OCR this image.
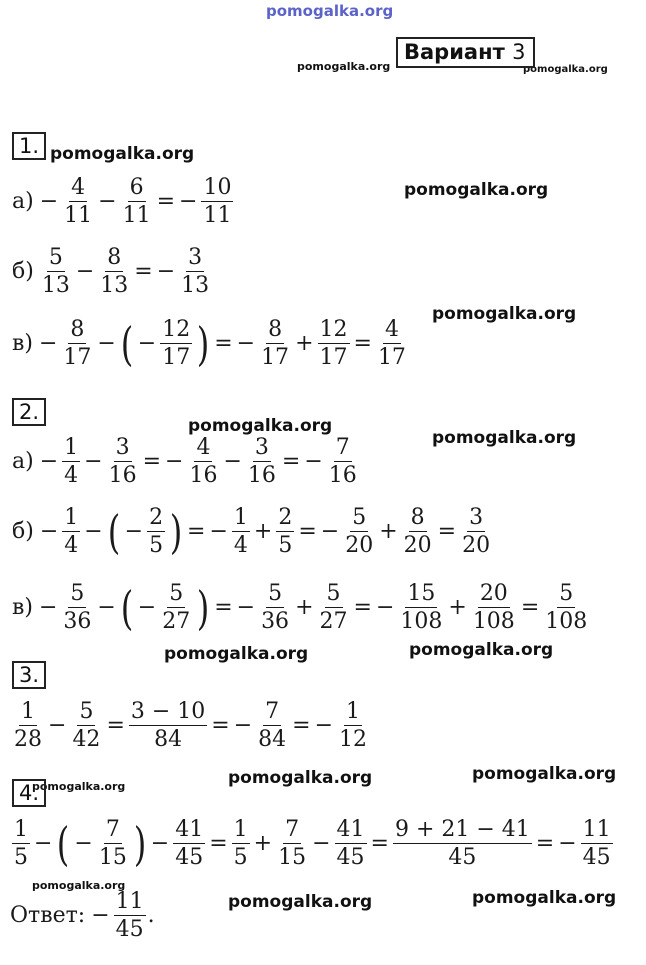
pomogalka.org
pomogalka.org	pomogalka.org
pomogalka.org
pomogalka.org
pomogalka.org
pomogalka.org
pomogalka.org
pomogalka.org	pomogalka.org
pomogalka.org	pomogalka.org	pomogalka.org
pomogalka.org
pomogalka.org	pomogalka.org
Вариант 3
1.
2.
3.
4.
$а) - \frac{4}{11} - \frac{6}{11}$ = − $\frac{10}{11}$
$б) \frac{5}{13} - \frac{8}{13}$ = − $\frac{3}{13}$
$в) - \frac{8}{17}$ − ( − $\frac{12}{17}$ ) = − $\frac{8}{17} + \frac{12}{17} = \frac{4}{17}$
$а) - \frac{1}{4} - \frac{3}{16}$ = − $\frac{4}{16} - \frac{3}{16}$ = − $\frac{7}{16}$
$б) - \frac{1}{4}$ − ( − $\frac{2}{5}$ ) = − $\frac{1}{4} + \frac{2}{5}$ = − $\frac{5}{20} + \frac{8}{20} = \frac{3}{20}$
$в) - \frac{5}{36}$ − ( − $\frac{5}{27}$ ) = − $\frac{5}{36} + \frac{5}{27}$ = − $\frac{15}{108} + \frac{20}{108} = \frac{5}{108}$
$\frac{1}{28} - \frac{5}{42} = \frac{3 - 10}{84}$ = − $\frac{7}{84}$ = − $\frac{1}{12}$
$\frac{1}{5}$ − ( − $\frac{7}{15}$ ) − $\frac{41}{45} = \frac{1}{5} + \frac{7}{15} - \frac{41}{45} = \frac{9 + 21 - 41}{45}$ = − $\frac{11}{45}$
Ответ: − $\frac{11}{45}$ .
